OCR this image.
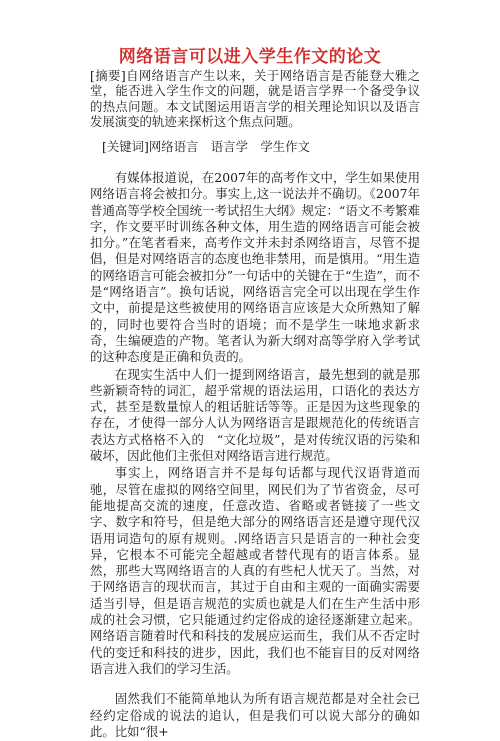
网络语言可以进入学生作文的论文
[摘要]自网络语言产生以来，关于网络语言是否能登大雅之堂，能否进入学生作文的问题，就是语言学界一个备受争议的热点问题。本文试图运用语言学的相关理论知识以及语言发展演变的轨迹来探析这个焦点问题。
[关键词]网络语言　语言学　学生作文

有媒体报道说，在2007年的高考作文中，学生如果使用网络语言将会被扣分。事实上,这一说法并不确切。《2007年普通高等学校全国统一考试招生大纲》规定：“语文不考繁难字，作文要平时训练各种文体，用生造的网络语言可能会被扣分。”在笔者看来，高考作文并未封杀网络语言，尽管不提倡，但是对网络语言的态度也绝非禁用，而是慎用。“用生造的网络语言可能会被扣分”一句话中的关键在于“生造”，而不是“网络语言”。换句话说，网络语言完全可以出现在学生作文中，前提是这些被使用的网络语言应该是大众所熟知了解的，同时也要符合当时的语境；而不是学生一味地求新求奇，生编硬造的产物。笔者认为新大纲对高等学府入学考试的这种态度是正确和负责的。

在现实生活中人们一提到网络语言，最先想到的就是那些新颖奇特的词汇，超乎常规的语法运用，口语化的表达方式，甚至是数量惊人的粗话脏话等等。正是因为这些现象的存在，才使得一部分人认为网络语言是跟规范化的传统语言表达方式格格不入的　“文化垃圾”，是对传统汉语的污染和破坏，因此他们主张但对网络语言进行规范。

事实上，网络语言并不是每句话都与现代汉语背道而驰，尽管在虚拟的网络空间里，网民们为了节省资金，尽可能地提高交流的速度，任意改造、省略或者链接了一些文字、数字和符号，但是绝大部分的网络语言还是遵守现代汉语用词造句的原有规则。.网络语言只是语言的一种社会变异，它根本不可能完全超越或者替代现有的语言体系。显然，那些大骂网络语言的人真的有些杞人忧天了。当然，对于网络语言的现状而言，其过于自由和主观的一面确实需要适当引导，但是语言规范的实质也就是人们在生产生活中形成的社会习惯，它只能通过约定俗成的途径逐渐建立起来。网络语言随着时代和科技的发展应运而生，我们从不否定时代的变迁和科技的进步，因此，我们也不能盲目的反对网络语言进入我们的学习生活。

固然我们不能简单地认为所有语言规范都是对全社会已经约定俗成的说法的追认，但是我们可以说大部分的确如此。比如“很+
